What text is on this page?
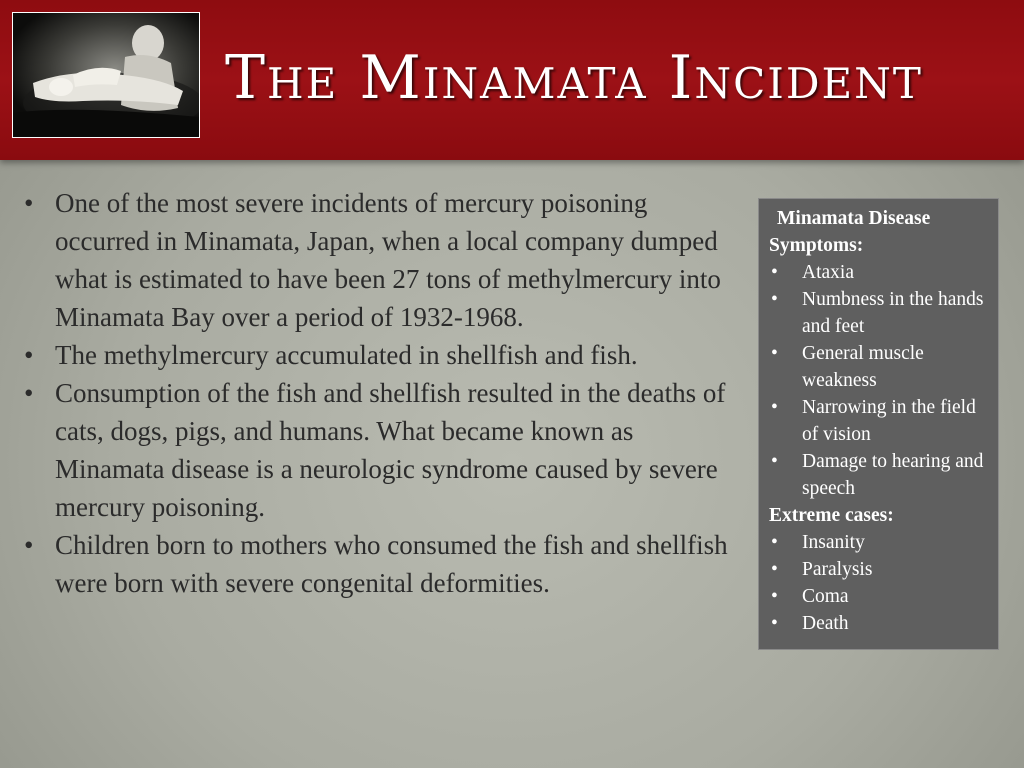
The Minamata Incident
• One of the most severe incidents of mercury poisoning occurred in Minamata, Japan, when a local company dumped what is estimated to have been 27 tons of methylmercury into Minamata Bay over a period of 1932-1968.
• The methylmercury accumulated in shellfish and fish.
• Consumption of the fish and shellfish resulted in the deaths of cats, dogs, pigs, and humans. What became known as Minamata disease is a neurologic syndrome caused by severe mercury poisoning.
• Children born to mothers who consumed the fish and shellfish were born with severe congenital deformities.
Minamata Disease
Symptoms:
• Ataxia
• Numbness in the hands and feet
• General muscle weakness
• Narrowing in the field of vision
• Damage to hearing and speech
Extreme cases:
• Insanity
• Paralysis
• Coma
• Death
